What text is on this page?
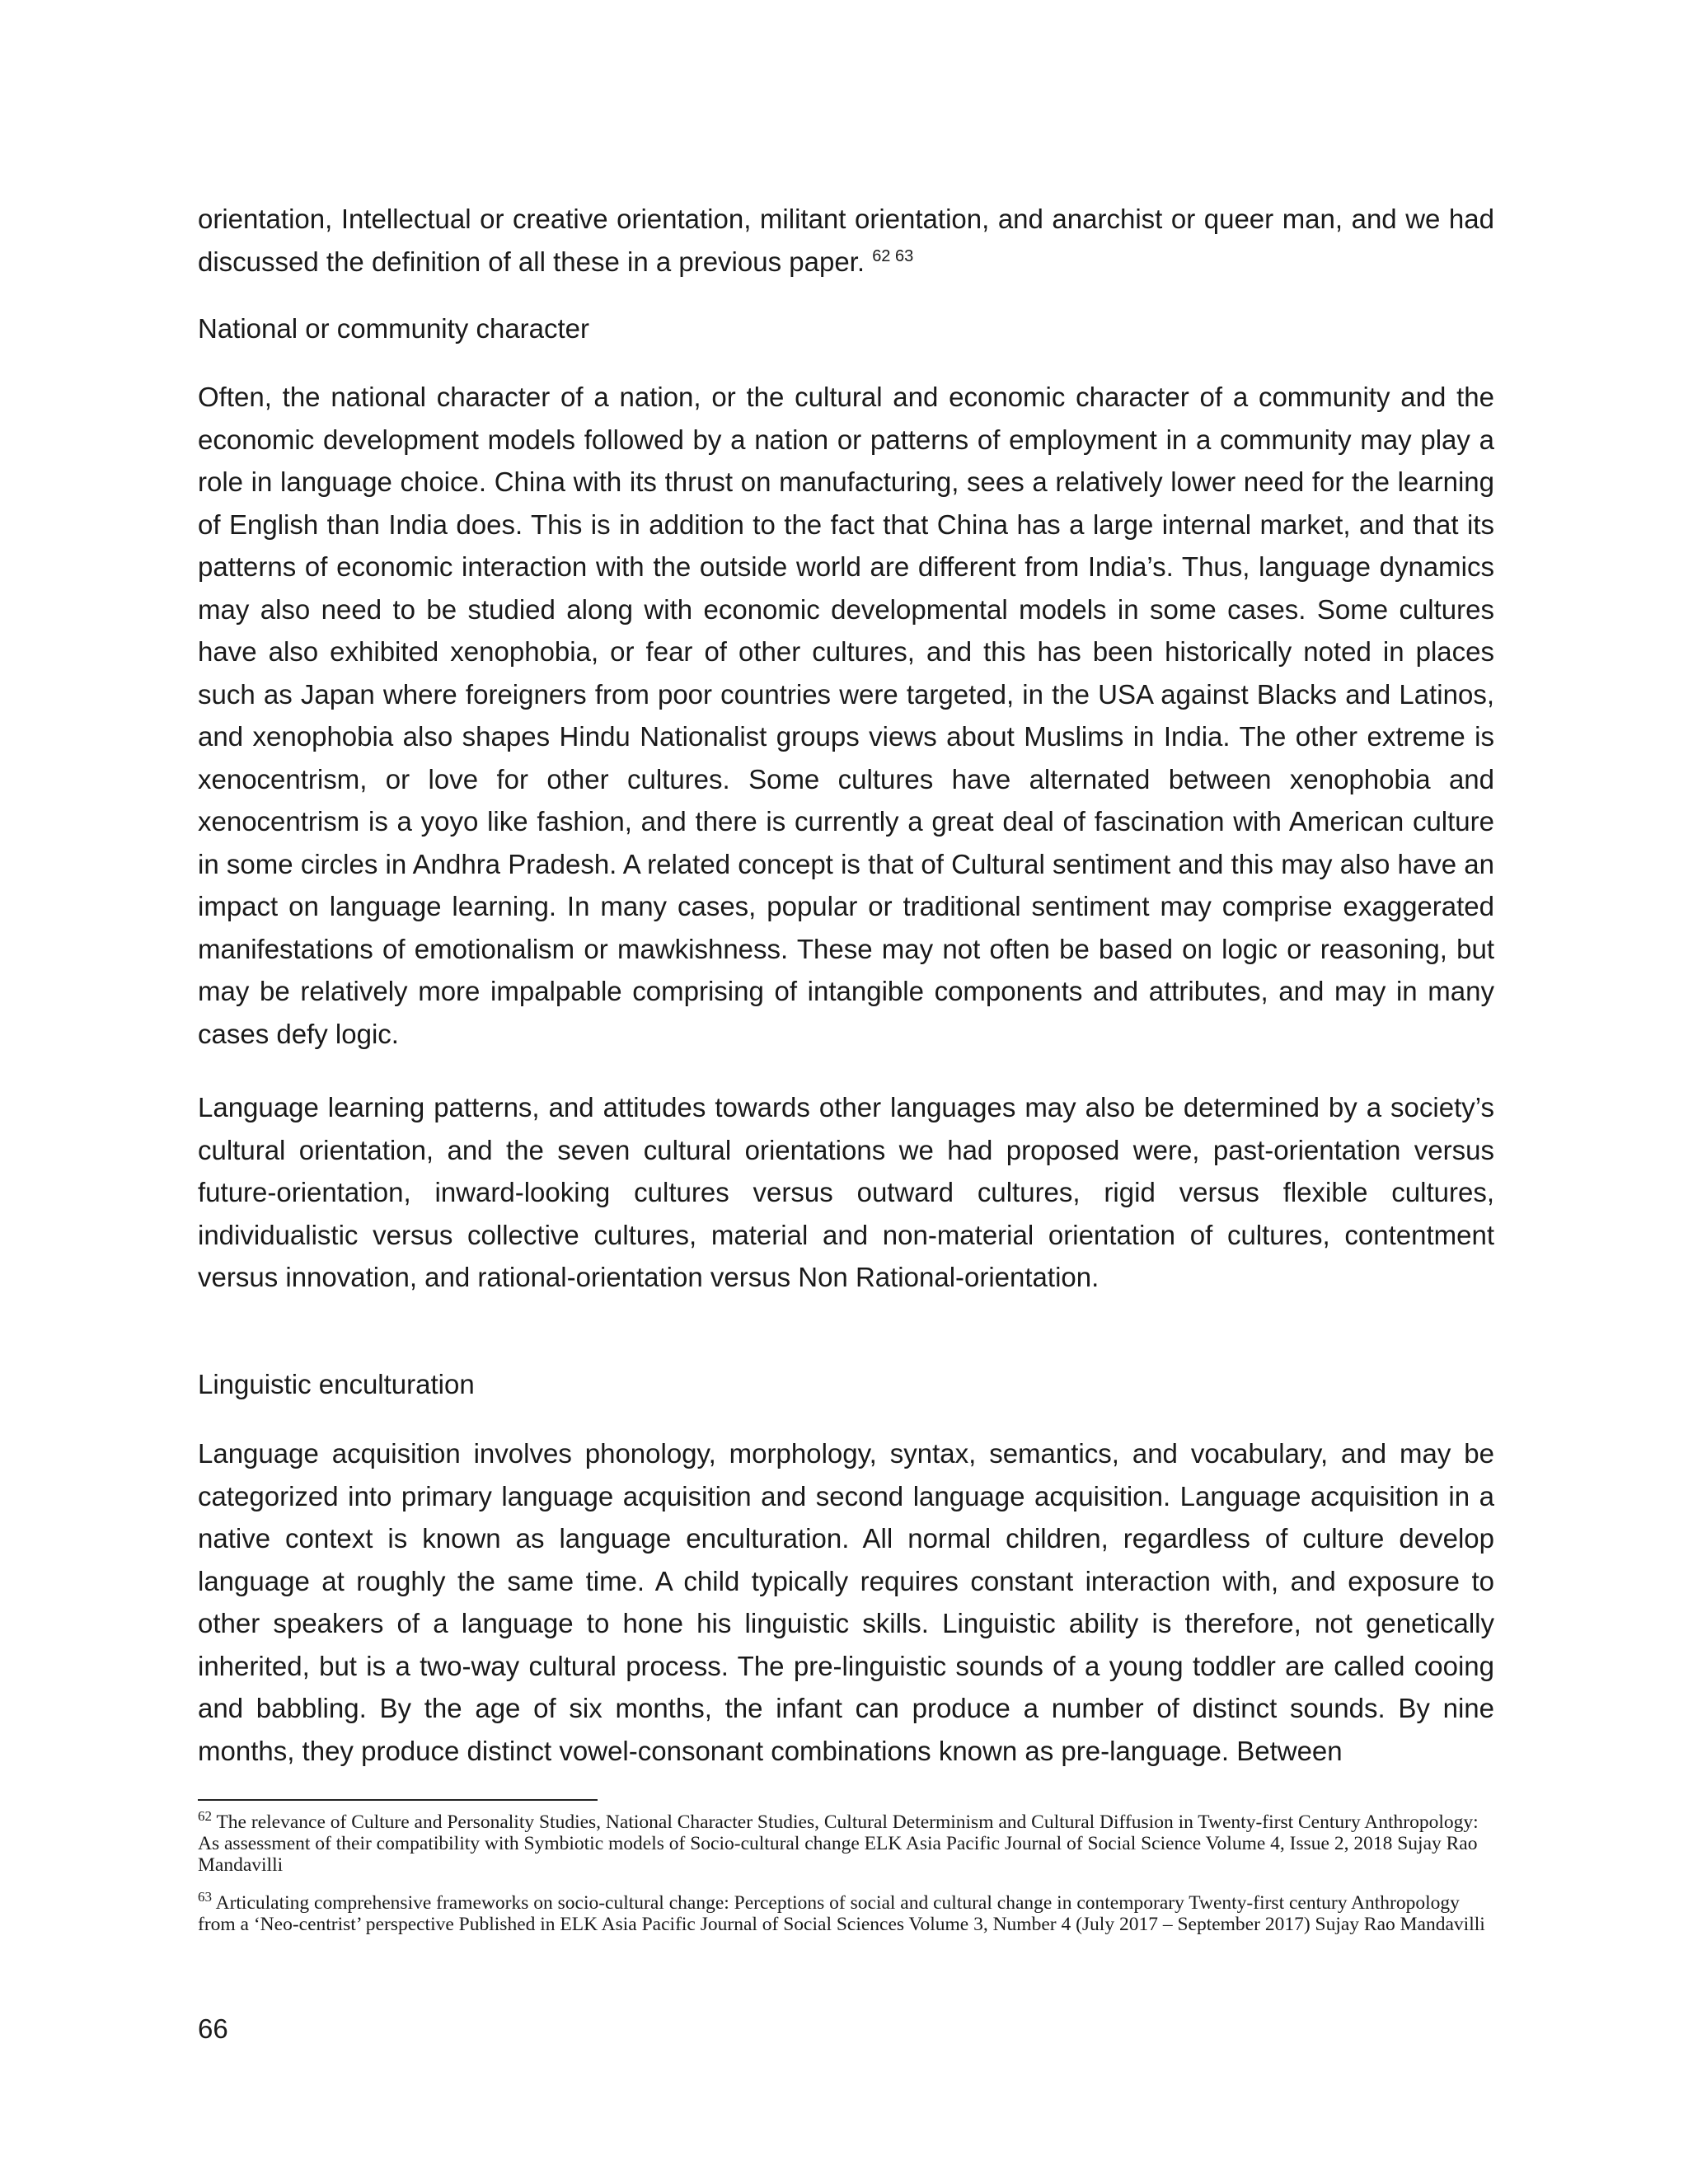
orientation, Intellectual or creative orientation, militant orientation, and anarchist or queer man, and we had discussed the definition of all these in a previous paper. $^{62 63}$

National or community character

Often, the national character of a nation, or the cultural and economic character of a community and the economic development models followed by a nation or patterns of employment in a community may play a role in language choice. China with its thrust on manufacturing, sees a relatively lower need for the learning of English than India does. This is in addition to the fact that China has a large internal market, and that its patterns of economic interaction with the outside world are different from India’s. Thus, language dynamics may also need to be studied along with economic developmental models in some cases. Some cultures have also exhibited xenophobia, or fear of other cultures, and this has been historically noted in places such as Japan where foreigners from poor countries were targeted, in the USA against Blacks and Latinos, and xenophobia also shapes Hindu Nationalist groups views about Muslims in India. The other extreme is xenocentrism, or love for other cultures. Some cultures have alternated between xenophobia and xenocentrism is a yoyo like fashion, and there is currently a great deal of fascination with American culture in some circles in Andhra Pradesh. A related concept is that of Cultural sentiment and this may also have an impact on language learning. In many cases, popular or traditional sentiment may comprise exaggerated manifestations of emotionalism or mawkishness. These may not often be based on logic or reasoning, but may be relatively more impalpable comprising of intangible components and attributes, and may in many cases defy logic.

Language learning patterns, and attitudes towards other languages may also be determined by a society’s cultural orientation, and the seven cultural orientations we had proposed were, past-orientation versus future-orientation, inward-looking cultures versus outward cultures, rigid versus flexible cultures, individualistic versus collective cultures, material and non-material orientation of cultures, contentment versus innovation, and rational-orientation versus Non Rational-orientation.

Linguistic enculturation

Language acquisition involves phonology, morphology, syntax, semantics, and vocabulary, and may be categorized into primary language acquisition and second language acquisition. Language acquisition in a native context is known as language enculturation. All normal children, regardless of culture develop language at roughly the same time. A child typically requires constant interaction with, and exposure to other speakers of a language to hone his linguistic skills. Linguistic ability is therefore, not genetically inherited, but is a two-way cultural process. The pre-linguistic sounds of a young toddler are called cooing and babbling. By the age of six months, the infant can produce a number of distinct sounds. By nine months, they produce distinct vowel-consonant combinations known as pre-language. Between

$^{62}$ The relevance of Culture and Personality Studies, National Character Studies, Cultural Determinism and Cultural Diffusion in Twenty-first Century Anthropology: As assessment of their compatibility with Symbiotic models of Socio-cultural change ELK Asia Pacific Journal of Social Science Volume 4, Issue 2, 2018 Sujay Rao Mandavilli

$^{63}$ Articulating comprehensive frameworks on socio-cultural change: Perceptions of social and cultural change in contemporary Twenty-first century Anthropology from a ‘Neo-centrist’ perspective Published in ELK Asia Pacific Journal of Social Sciences Volume 3, Number 4 (July 2017 – September 2017) Sujay Rao Mandavilli

66
